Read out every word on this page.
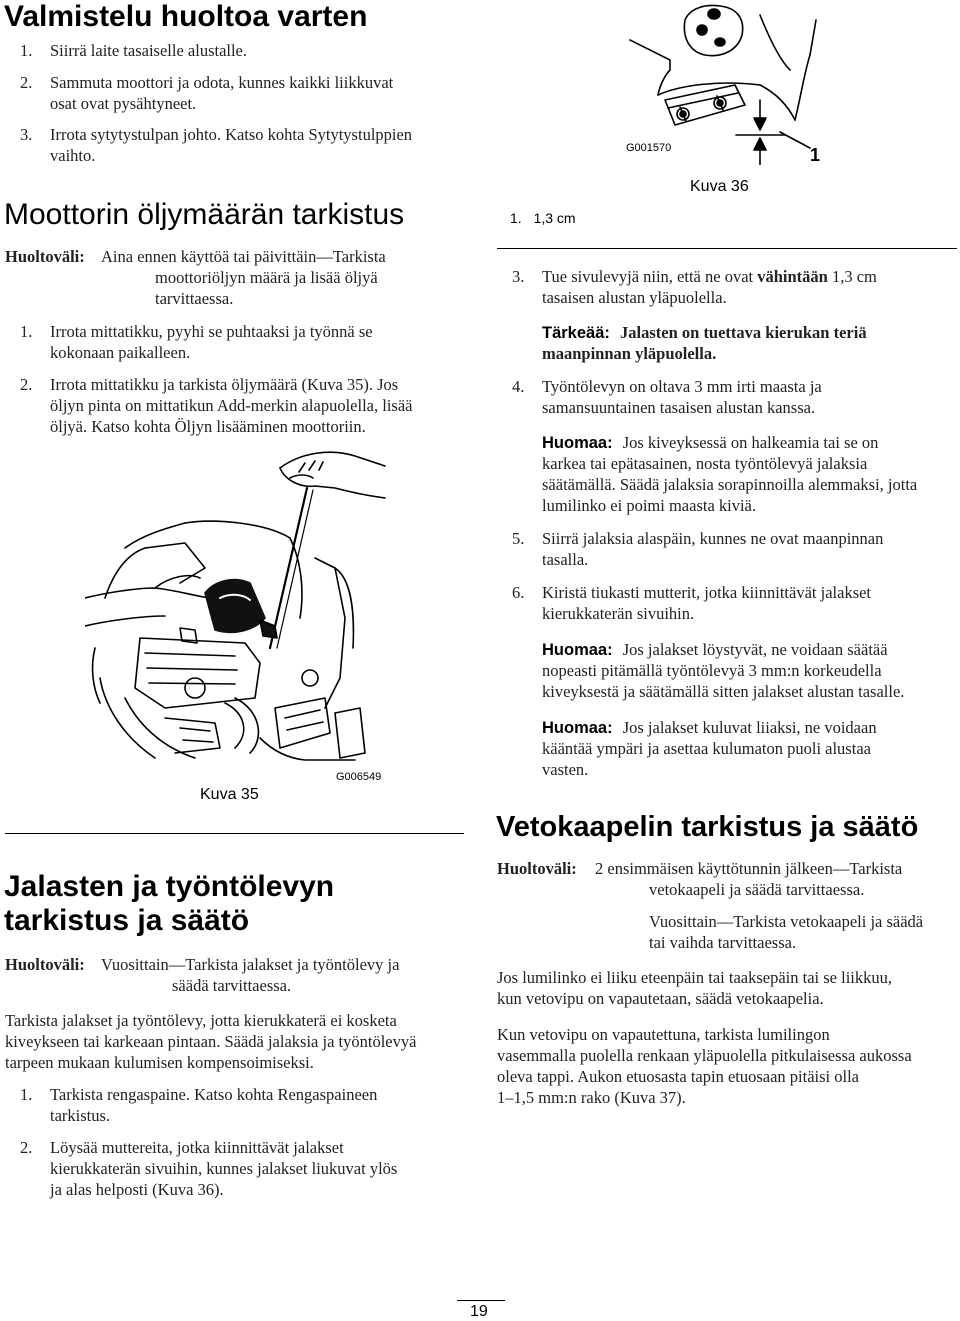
Valmistelu huoltoa varten
1. Siirrä laite tasaiselle alustalle.
2. Sammuta moottori ja odota, kunnes kaikki liikkuvat
osat ovat pysähtyneet.
3. Irrota sytytystulpan johto. Katso kohta Sytytystulppien
vaihto.
Moottorin öljymäärän tarkistus
Huoltoväli: Aina ennen käyttöä tai päivittäin—Tarkista
moottoriöljyn määrä ja lisää öljyä
tarvittaessa.
1. Irrota mittatikku, pyyhi se puhtaaksi ja työnnä se
kokonaan paikalleen.
2. Irrota mittatikku ja tarkista öljymäärä (Kuva 35). Jos
öljyn pinta on mittatikun Add-merkin alapuolella, lisää
öljyä. Katso kohta Öljyn lisääminen moottoriin.
G006549
Kuva 35
Jalasten ja työntölevyn
tarkistus ja säätö
Huoltoväli: Vuosittain—Tarkista jalakset ja työntölevy ja
säädä tarvittaessa.
Tarkista jalakset ja työntölevy, jotta kierukkaterä ei kosketa
kiveykseen tai karkeaan pintaan. Säädä jalaksia ja työntölevyä
tarpeen mukaan kulumisen kompensoimiseksi.
1. Tarkista rengaspaine. Katso kohta Rengaspaineen
tarkistus.
2. Löysää muttereita, jotka kiinnittävät jalakset
kierukkaterän sivuihin, kunnes jalakset liukuvat ylös
ja alas helposti (Kuva 36).
G001570	1
Kuva 36
1. 1,3 cm
3. Tue sivulevyjä niin, että ne ovat vähintään 1,3 cm
tasaisen alustan yläpuolella.
Tärkeää: Jalasten on tuettava kierukan teriä
maanpinnan yläpuolella.
4. Työntölevyn on oltava 3 mm irti maasta ja
samansuuntainen tasaisen alustan kanssa.
Huomaa: Jos kiveyksessä on halkeamia tai se on
karkea tai epätasainen, nosta työntölevyä jalaksia
säätämällä. Säädä jalaksia sorapinnoilla alemmaksi, jotta
lumilinko ei poimi maasta kiviä.
5. Siirrä jalaksia alaspäin, kunnes ne ovat maanpinnan
tasalla.
6. Kiristä tiukasti mutterit, jotka kiinnittävät jalakset
kierukkaterän sivuihin.
Huomaa: Jos jalakset löystyvät, ne voidaan säätää
nopeasti pitämällä työntölevyä 3 mm:n korkeudella
kiveyksestä ja säätämällä sitten jalakset alustan tasalle.
Huomaa: Jos jalakset kuluvat liiaksi, ne voidaan
kääntää ympäri ja asettaa kulumaton puoli alustaa
vasten.
Vetokaapelin tarkistus ja säätö
Huoltoväli: 2 ensimmäisen käyttötunnin jälkeen—Tarkista
vetokaapeli ja säädä tarvittaessa.
Vuosittain—Tarkista vetokaapeli ja säädä
tai vaihda tarvittaessa.
Jos lumilinko ei liiku eteenpäin tai taaksepäin tai se liikkuu,
kun vetovipu on vapautetaan, säädä vetokaapelia.
Kun vetovipu on vapautettuna, tarkista lumilingon
vasemmalla puolella renkaan yläpuolella pitkulaisessa aukossa
oleva tappi. Aukon etuosasta tapin etuosaan pitäisi olla
1–1,5 mm:n rako (Kuva 37).
19
